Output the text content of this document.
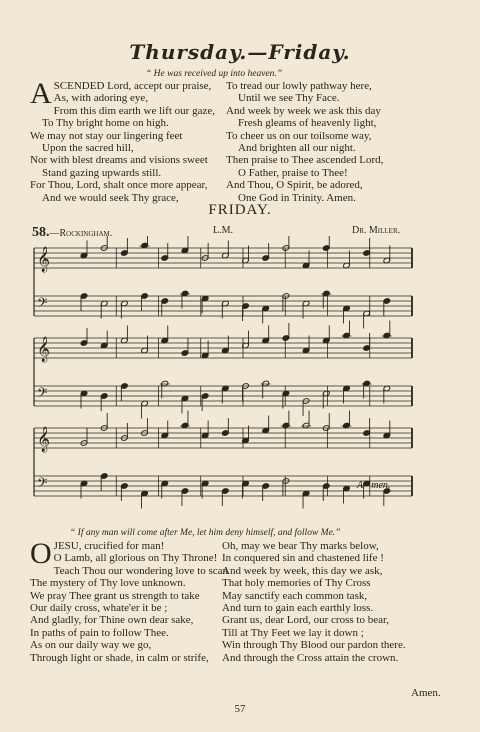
Thursday.—Friday.
“ He was received up into heaven.”
ASCENDED Lord, accept our praise,
As, with adoring eye,
From this dim earth we lift our gaze,
To Thy bright home on high.
We may not stay our lingering feet
Upon the sacred hill,
Nor with blest dreams and visions sweet
Stand gazing upwards still.
For Thou, Lord, shalt once more appear,
And we would seek Thy grace,
To tread our lowly pathway here,
Until we see Thy Face.
And week by week we ask this day
Fresh gleams of heavenly light,
To cheer us on our toilsome way,
And brighten all our night.
Then praise to Thee ascended Lord,
O Father, praise to Thee!
And Thou, O Spirit, be adored,
One God in Trinity. Amen.
FRIDAY.
58.—Rockingham.	L.M.	Dr. Miller.
𝄞
𝄢
𝄞
𝄢
𝄞
𝄢	A - men.
“ If any man will come after Me, let him deny himself, and follow Me.”
OJESU, crucified for man!
O Lamb, all glorious on Thy Throne!
Teach Thou our wondering love to scan
The mystery of Thy love unknown.
We pray Thee grant us strength to take
Our daily cross, whate'er it be ;
And gladly, for Thine own dear sake,
In paths of pain to follow Thee.
As on our daily way we go,
Through light or shade, in calm or strife,
Oh, may we bear Thy marks below,
In conquered sin and chastened life !
And week by week, this day we ask,
That holy memories of Thy Cross
May sanctify each common task,
And turn to gain each earthly loss.
Grant us, dear Lord, our cross to bear,
Till at Thy Feet we lay it down ;
Win through Thy Blood our pardon there.
And through the Cross attain the crown.
Amen.
57
